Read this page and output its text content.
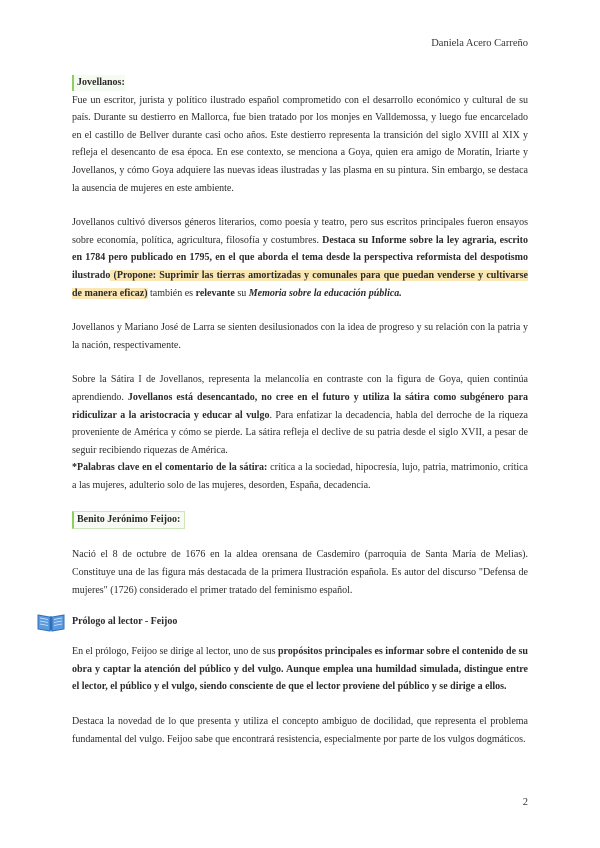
Daniela Acero Carreño
Jovellanos:

Fue un escritor, jurista y político ilustrado español comprometido con el desarrollo económico y cultural de su país. Durante su destierro en Mallorca, fue bien tratado por los monjes en Valldemossa, y luego fue encarcelado en el castillo de Bellver durante casi ocho años. Este destierro representa la transición del siglo XVIII al XIX y refleja el desencanto de esa época. En ese contexto, se menciona a Goya, quien era amigo de Moratín, Iriarte y Jovellanos, y cómo Goya adquiere las nuevas ideas ilustradas y las plasma en su pintura. Sin embargo, se destaca la ausencia de mujeres en este ambiente.

Jovellanos cultivó diversos géneros literarios, como poesía y teatro, pero sus escritos principales fueron ensayos sobre economía, política, agricultura, filosofía y costumbres. Destaca su Informe sobre la ley agraria, escrito en 1784 pero publicado en 1795, en el que aborda el tema desde la perspectiva reformista del despotismo ilustrado (Propone: Suprimir las tierras amortizadas y comunales para que puedan venderse y cultivarse de manera eficaz) también es relevante su Memoria sobre la educación pública.

Jovellanos y Mariano José de Larra se sienten desilusionados con la idea de progreso y su relación con la patria y la nación, respectivamente.

Sobre la Sátira I de Jovellanos, representa la melancolía en contraste con la figura de Goya, quien continúa aprendiendo. Jovellanos está desencantado, no cree en el futuro y utiliza la sátira como subgénero para ridiculizar a la aristocracia y educar al vulgo. Para enfatizar la decadencia, habla del derroche de la riqueza proveniente de América y cómo se pierde. La sátira refleja el declive de su patria desde el siglo XVII, a pesar de seguir recibiendo riquezas de América.

*Palabras clave en el comentario de la sátira: crítica a la sociedad, hipocresía, lujo, patria, matrimonio, crítica a las mujeres, adulterio solo de las mujeres, desorden, España, decadencia.

Benito Jerónimo Feijoo:

Nació el 8 de octubre de 1676 en la aldea orensana de Casdemiro (parroquia de Santa María de Melias). Constituye una de las figura más destacada de la primera Ilustración española. Es autor del discurso "Defensa de mujeres" (1726) considerado el primer tratado del feminismo español.

Prólogo al lector - Feijoo

En el prólogo, Feijoo se dirige al lector, uno de sus propósitos principales es informar sobre el contenido de su obra y captar la atención del público y del vulgo. Aunque emplea una humildad simulada, distingue entre el lector, el público y el vulgo, siendo consciente de que el lector proviene del público y se dirige a ellos.

Destaca la novedad de lo que presenta y utiliza el concepto ambiguo de docilidad, que representa el problema fundamental del vulgo. Feijoo sabe que encontrará resistencia, especialmente por parte de los vulgos dogmáticos.

2
